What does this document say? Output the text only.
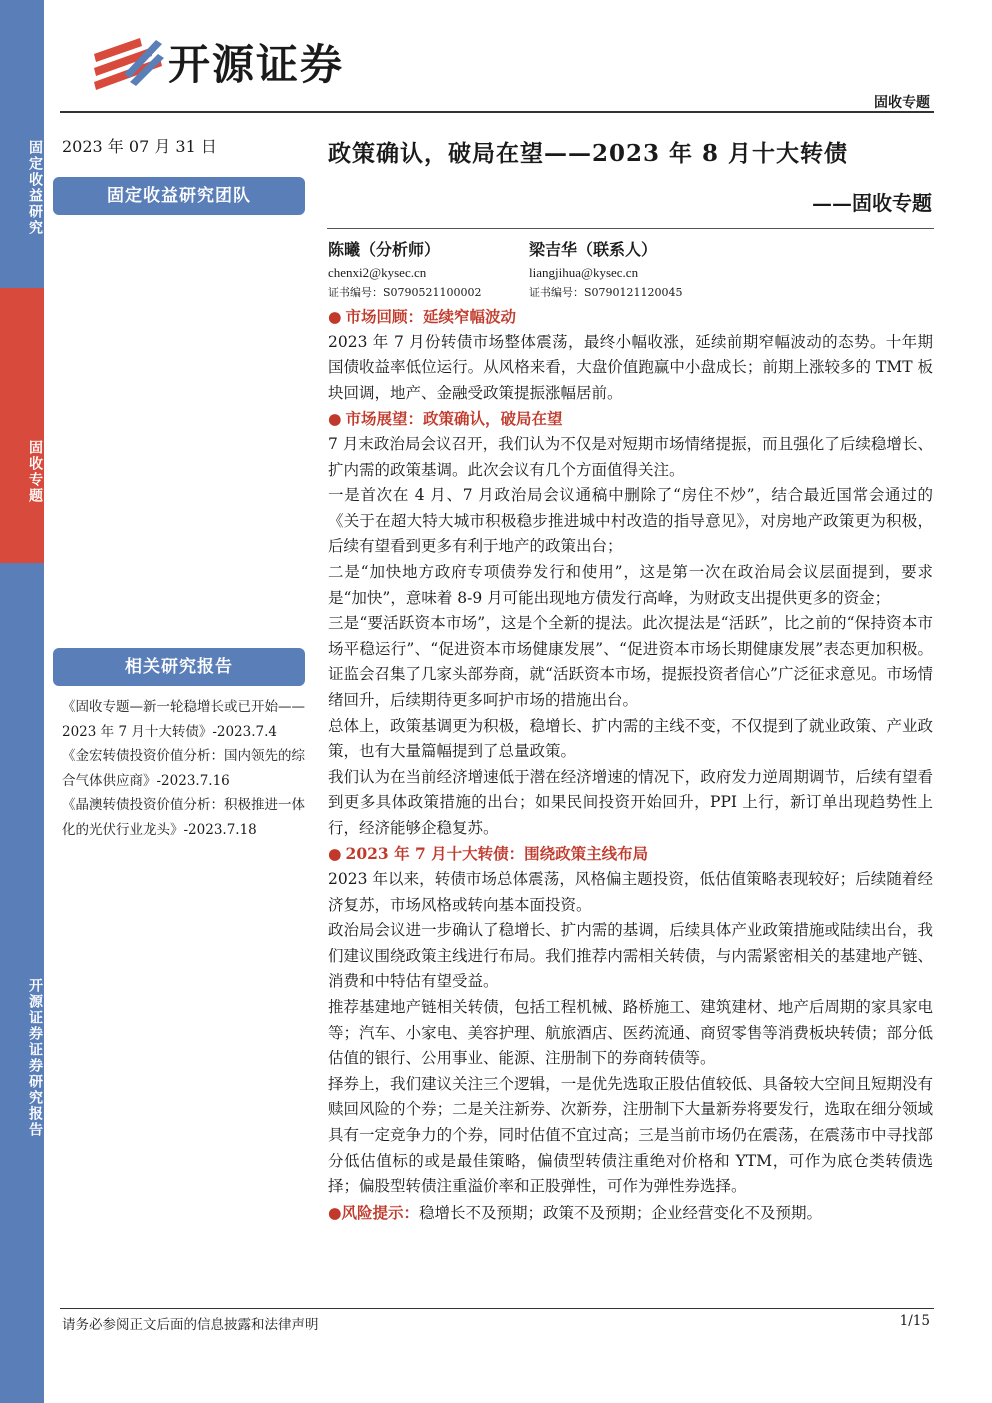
固定收益研究
固收专题
开源证券证券研究报告
开源证券
固收专题
2023 年 07 月 31 日
固定收益研究团队
相关研究报告

《固收专题—新一轮稳增长或已开始——2023 年 7 月十大转债》-2023.7.4

《金宏转债投资价值分析：国内领先的综合气体供应商》-2023.7.16

《晶澳转债投资价值分析：积极推进一体化的光伏行业龙头》-2023.7.18

政策确认，破局在望——2023 年 8 月十大转债
——固收专题
陈曦（分析师）
chenxi2@kysec.cn
证书编号：S0790521100002
梁吉华（联系人）
liangjihua@kysec.cn
证书编号：S0790121120045

● 市场回顾：延续窄幅波动

2023 年 7 月份转债市场整体震荡，最终小幅收涨，延续前期窄幅波动的态势。十年期国债收益率低位运行。从风格来看，大盘价值跑赢中小盘成长；前期上涨较多的 TMT 板块回调，地产、金融受政策提振涨幅居前。

● 市场展望：政策确认，破局在望

7 月末政治局会议召开，我们认为不仅是对短期市场情绪提振，而且强化了后续稳增长、扩内需的政策基调。此次会议有几个方面值得关注。

一是首次在 4 月、7 月政治局会议通稿中删除了“房住不炒”，结合最近国常会通过的《关于在超大特大城市积极稳步推进城中村改造的指导意见》，对房地产政策更为积极，后续有望看到更多有利于地产的政策出台；

二是“加快地方政府专项债券发行和使用”，这是第一次在政治局会议层面提到，要求是“加快”，意味着 8-9 月可能出现地方债发行高峰，为财政支出提供更多的资金；

三是“要活跃资本市场”，这是个全新的提法。此次提法是“活跃”，比之前的“保持资本市场平稳运行”、“促进资本市场健康发展”、“促进资本市场长期健康发展”表态更加积极。证监会召集了几家头部券商，就“活跃资本市场，提振投资者信心”广泛征求意见。市场情绪回升，后续期待更多呵护市场的措施出台。

总体上，政策基调更为积极，稳增长、扩内需的主线不变，不仅提到了就业政策、产业政策，也有大量篇幅提到了总量政策。

我们认为在当前经济增速低于潜在经济增速的情况下，政府发力逆周期调节，后续有望看到更多具体政策措施的出台；如果民间投资开始回升，PPI 上行，新订单出现趋势性上行，经济能够企稳复苏。

● 2023 年 7 月十大转债：围绕政策主线布局

2023 年以来，转债市场总体震荡，风格偏主题投资，低估值策略表现较好；后续随着经济复苏，市场风格或转向基本面投资。

政治局会议进一步确认了稳增长、扩内需的基调，后续具体产业政策措施或陆续出台，我们建议围绕政策主线进行布局。我们推荐内需相关转债，与内需紧密相关的基建地产链、消费和中特估有望受益。

推荐基建地产链相关转债，包括工程机械、路桥施工、建筑建材、地产后周期的家具家电等；汽车、小家电、美容护理、航旅酒店、医药流通、商贸零售等消费板块转债；部分低估值的银行、公用事业、能源、注册制下的券商转债等。

择券上，我们建议关注三个逻辑，一是优先选取正股估值较低、具备较大空间且短期没有赎回风险的个券；二是关注新券、次新券，注册制下大量新券将要发行，选取在细分领域具有一定竞争力的个券，同时估值不宜过高；三是当前市场仍在震荡，在震荡市中寻找部分低估值标的或是最佳策略，偏债型转债注重绝对价格和 YTM，可作为底仓类转债选择；偏股型转债注重溢价率和正股弹性，可作为弹性券选择。

●风险提示：稳增长不及预期；政策不及预期；企业经营变化不及预期。

请务必参阅正文后面的信息披露和法律声明	1/15
